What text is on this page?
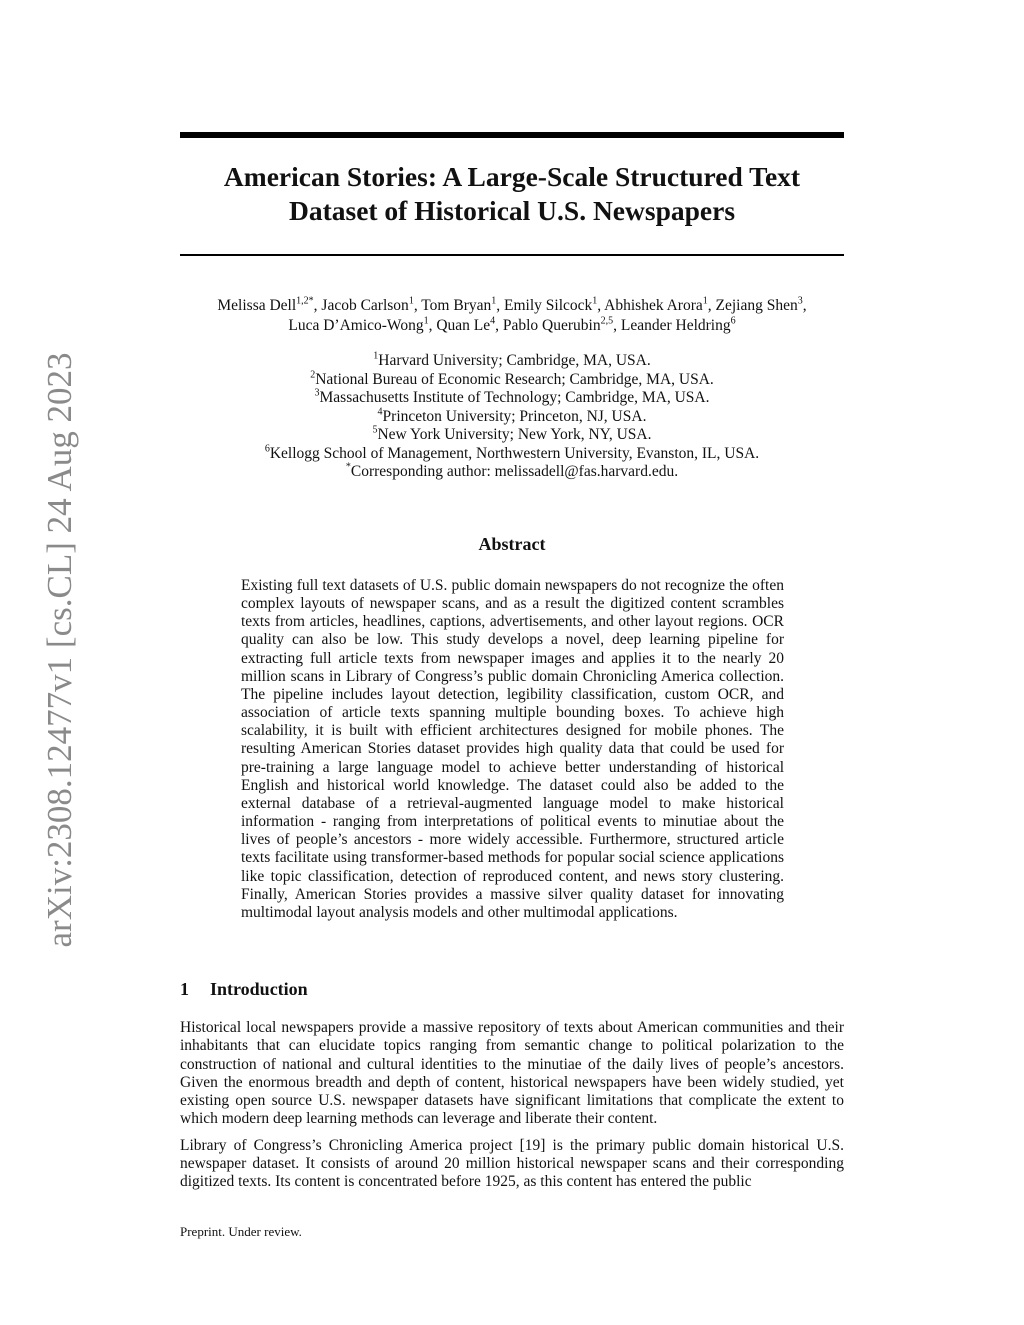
arXiv:2308.12477v1 [cs.CL] 24 Aug 2023
American Stories: A Large-Scale Structured Text
Dataset of Historical U.S. Newspapers
Melissa Dell$^{1,2*}$, Jacob Carlson$^1$, Tom Bryan$^1$, Emily Silcock$^1$, Abhishek Arora$^1$, Zejiang Shen$^3$,
Luca D’Amico-Wong$^1$, Quan Le$^4$, Pablo Querubin$^{2,5}$, Leander Heldring$^6$
$^1$Harvard University; Cambridge, MA, USA.
$^2$National Bureau of Economic Research; Cambridge, MA, USA.
$^3$Massachusetts Institute of Technology; Cambridge, MA, USA.
$^4$Princeton University; Princeton, NJ, USA.
$^5$New York University; New York, NY, USA.
$^6$Kellogg School of Management, Northwestern University, Evanston, IL, USA.
*Corresponding author: melissadell@fas.harvard.edu.
Abstract

Existing full text datasets of U.S. public domain newspapers do not recognize the often complex layouts of newspaper scans, and as a result the digitized content scrambles texts from articles, headlines, captions, advertisements, and other layout regions. OCR quality can also be low. This study develops a novel, deep learning pipeline for extracting full article texts from newspaper images and applies it to the nearly 20 million scans in Library of Congress’s public domain Chronicling America collection. The pipeline includes layout detection, legibility classification, custom OCR, and association of article texts spanning multiple bounding boxes. To achieve high scalability, it is built with efficient architectures designed for mobile phones. The resulting American Stories dataset provides high quality data that could be used for pre-training a large language model to achieve better understanding of historical English and historical world knowledge. The dataset could also be added to the external database of a retrieval-augmented language model to make historical information - ranging from interpretations of political events to minutiae about the lives of people’s ancestors - more widely accessible. Furthermore, structured article texts facilitate using transformer-based methods for popular social science applications like topic classification, detection of reproduced content, and news story clustering. Finally, American Stories provides a massive silver quality dataset for innovating multimodal layout analysis models and other multimodal applications.

1 Introduction

Historical local newspapers provide a massive repository of texts about American communities and their inhabitants that can elucidate topics ranging from semantic change to political polarization to the construction of national and cultural identities to the minutiae of the daily lives of people’s ancestors. Given the enormous breadth and depth of content, historical newspapers have been widely studied, yet existing open source U.S. newspaper datasets have significant limitations that complicate the extent to which modern deep learning methods can leverage and liberate their content.

Library of Congress’s Chronicling America project [19] is the primary public domain historical U.S. newspaper dataset. It consists of around 20 million historical newspaper scans and their corresponding digitized texts. Its content is concentrated before 1925, as this content has entered the public

Preprint. Under review.
